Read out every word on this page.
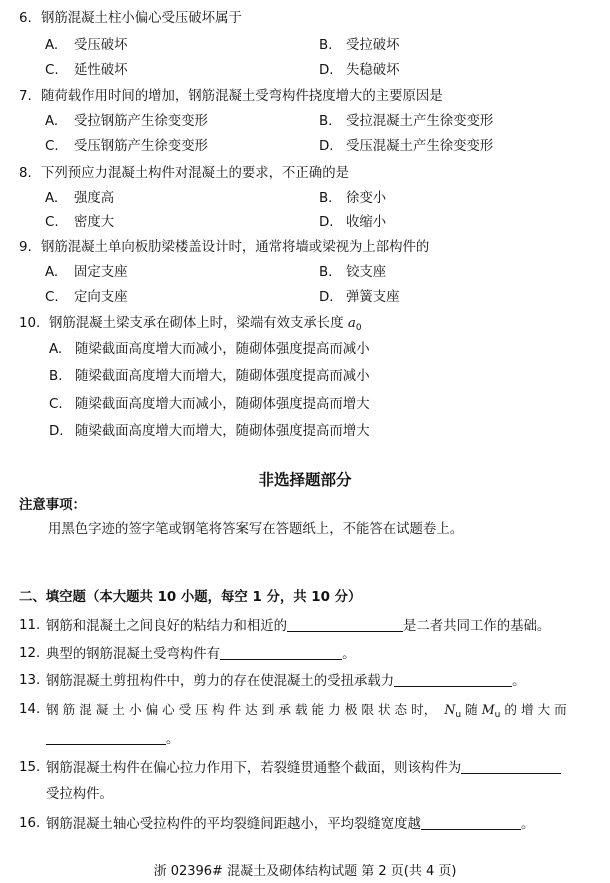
6. 钢筋混凝土柱小偏心受压破坏属于
A. 受压破坏	B. 受拉破坏
C. 延性破坏	D. 失稳破坏
7. 随荷载作用时间的增加，钢筋混凝土受弯构件挠度增大的主要原因是
A. 受拉钢筋产生徐变变形	B. 受拉混凝土产生徐变变形
C. 受压钢筋产生徐变变形	D. 受压混凝土产生徐变变形
8. 下列预应力混凝土构件对混凝土的要求，不正确的是
A. 强度高	B. 徐变小
C. 密度大	D. 收缩小
9. 钢筋混凝土单向板肋梁楼盖设计时，通常将墙或梁视为上部构件的
A. 固定支座	B. 铰支座
C. 定向支座	D. 弹簧支座
10. 钢筋混凝土梁支承在砌体上时，梁端有效支承长度 $a_0$
A. 随梁截面高度增大而减小，随砌体强度提高而减小
B. 随梁截面高度增大而增大，随砌体强度提高而减小
C. 随梁截面高度增大而减小，随砌体强度提高而增大
D. 随梁截面高度增大而增大，随砌体强度提高而增大
非选择题部分
注意事项：
用黑色字迹的签字笔或钢笔将答案写在答题纸上，不能答在试题卷上。
二、填空题（本大题共 10 小题，每空 1 分，共 10 分）
11. 钢筋和混凝土之间良好的粘结力和相近的	是二者共同工作的基础。
12. 典型的钢筋混凝土受弯构件有	。
13. 钢筋混凝土剪扭构件中，剪力的存在使混凝土的受扭承载力	。
14. 钢 筋 混 凝 土 小 偏 心 受 压 构 件 达 到 承 载 能 力 极 限 状 态 时， $N_u$ 随 $M_u$ 的 增 大 而
。
15. 钢筋混凝土构件在偏心拉力作用下，若裂缝贯通整个截面，则该构件为
受拉构件。
16. 钢筋混凝土轴心受拉构件的平均裂缝间距越小，平均裂缝宽度越	。
浙 02396# 混凝土及砌体结构试题 第 2 页(共 4 页)
